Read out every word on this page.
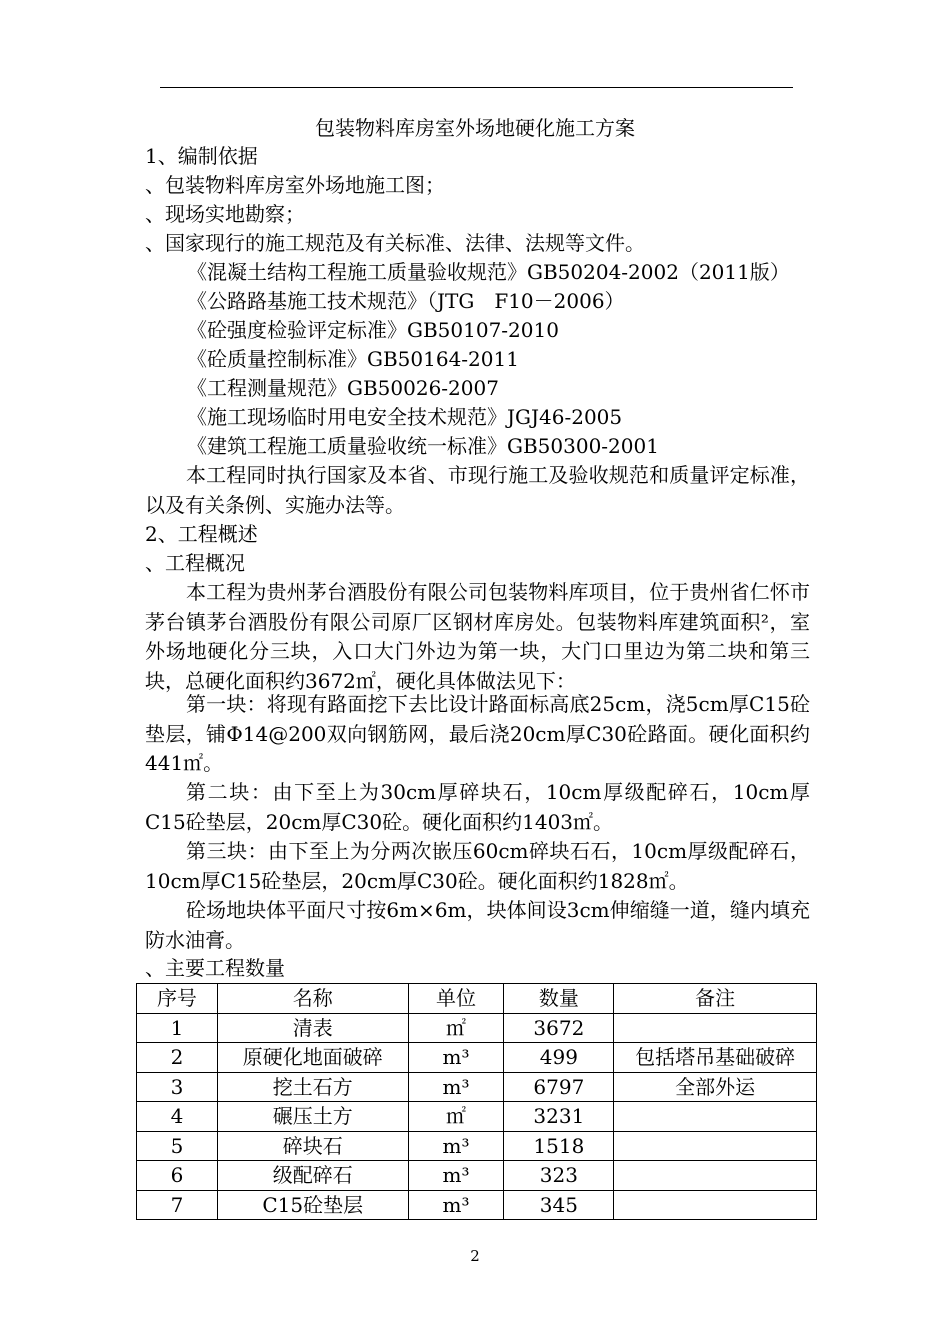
包装物料库房室外场地硬化施工方案
1、编制依据
、包装物料库房室外场地施工图；
、现场实地勘察；
、国家现行的施工规范及有关标准、法律、法规等文件。
《混凝土结构工程施工质量验收规范》GB50204-2002（2011版）
《公路路基施工技术规范》（JTG　F10－2006）
《砼强度检验评定标准》GB50107-2010
《砼质量控制标准》GB50164-2011
《工程测量规范》GB50026-2007
《施工现场临时用电安全技术规范》JGJ46-2005
《建筑工程施工质量验收统一标准》GB50300-2001
本工程同时执行国家及本省、市现行施工及验收规范和质量评定标准，以及有关条例、实施办法等。
2、工程概述
、工程概况
本工程为贵州茅台酒股份有限公司包装物料库项目，位于贵州省仁怀市茅台镇茅台酒股份有限公司原厂区钢材库房处。包装物料库建筑面积²，室外场地硬化分三块，入口大门外边为第一块，大门口里边为第二块和第三块，总硬化面积约3672㎡，硬化具体做法见下：
第一块：将现有路面挖下去比设计路面标高底25cm，浇5cm厚C15砼垫层，铺Φ14@200双向钢筋网，最后浇20cm厚C30砼路面。硬化面积约441㎡。
第二块：由下至上为30cm厚碎块石，10cm厚级配碎石，10cm厚C15砼垫层，20cm厚C30砼。硬化面积约1403㎡。
第三块：由下至上为分两次嵌压60cm碎块石石，10cm厚级配碎石，10cm厚C15砼垫层，20cm厚C30砼。硬化面积约1828㎡。
砼场地块体平面尺寸按6m×6m，块体间设3cm伸缩缝一道，缝内填充防水油膏。
、主要工程数量
序号	名称	单位	数量	备注
1	清表	㎡	3672	
2	原硬化地面破碎	m³	499	包括塔吊基础破碎
3	挖土石方	m³	6797	全部外运
4	碾压土方	㎡	3231	
5	碎块石	m³	1518	
6	级配碎石	m³	323	
7	C15砼垫层	m³	345	
2
